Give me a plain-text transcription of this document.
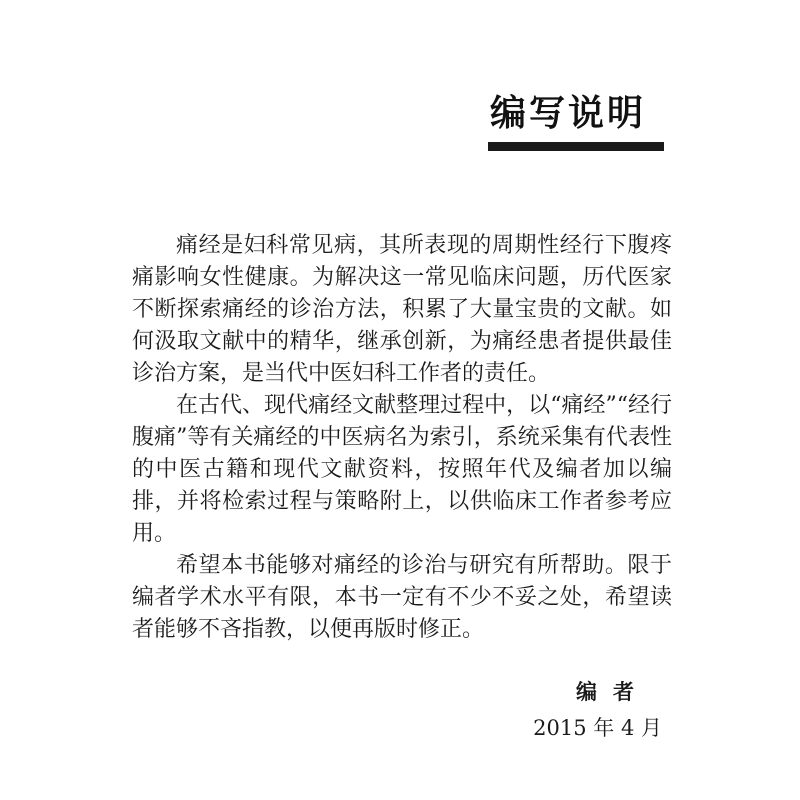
编写说明

痛经是妇科常见病，其所表现的周期性经行下腹疼痛影响女性健康。为解决这一常见临床问题，历代医家不断探索痛经的诊治方法，积累了大量宝贵的文献。如何汲取文献中的精华，继承创新，为痛经患者提供最佳诊治方案，是当代中医妇科工作者的责任。

在古代、现代痛经文献整理过程中，以“痛经”“经行腹痛”等有关痛经的中医病名为索引，系统采集有代表性的中医古籍和现代文献资料，按照年代及编者加以编排，并将检索过程与策略附上，以供临床工作者参考应用。

希望本书能够对痛经的诊治与研究有所帮助。限于编者学术水平有限，本书一定有不少不妥之处，希望读者能够不吝指教，以便再版时修正。

编者
2015 年 4 月
